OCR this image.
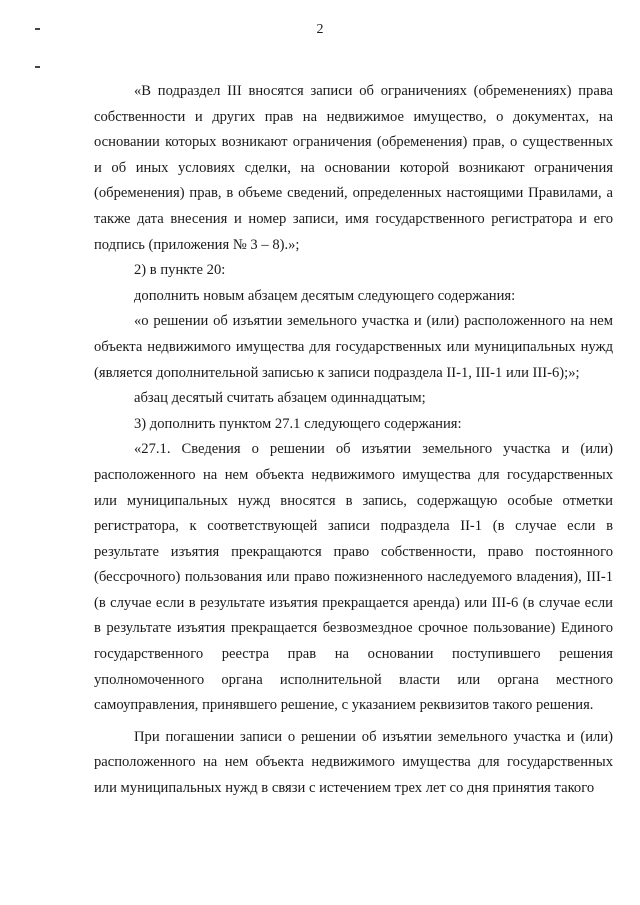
2

«В подраздел III вносятся записи об ограничениях (обременениях) права собственности и других прав на недвижимое имущество, о документах, на основании которых возникают ограничения (обременения) прав, о существенных и об иных условиях сделки, на основании которой возникают ограничения (обременения) прав, в объеме сведений, определенных настоящими Правилами, а также дата внесения и номер записи, имя государственного регистратора и его подпись (приложения № 3 – 8).»;

2) в пункте 20:

дополнить новым абзацем десятым следующего содержания:

«о решении об изъятии земельного участка и (или) расположенного на нем объекта недвижимого имущества для государственных или муниципальных нужд (является дополнительной записью к записи подраздела II-1, III-1 или III-6);»;

абзац десятый считать абзацем одиннадцатым;

3) дополнить пунктом 27.1 следующего содержания:

«27.1. Сведения о решении об изъятии земельного участка и (или) расположенного на нем объекта недвижимого имущества для государственных или муниципальных нужд вносятся в запись, содержащую особые отметки регистратора, к соответствующей записи подраздела II-1 (в случае если в результате изъятия прекращаются право собственности, право постоянного (бессрочного) пользования или право пожизненного наследуемого владения), III-1 (в случае если в результате изъятия прекращается аренда) или III-6 (в случае если в результате изъятия прекращается безвозмездное срочное пользование) Единого государственного реестра прав на основании поступившего решения уполномоченного органа исполнительной власти или органа местного самоуправления, принявшего решение, с указанием реквизитов такого решения.

При погашении записи о решении об изъятии земельного участка и (или) расположенного на нем объекта недвижимого имущества для государственных или муниципальных нужд в связи с истечением трех лет со дня принятия такого
